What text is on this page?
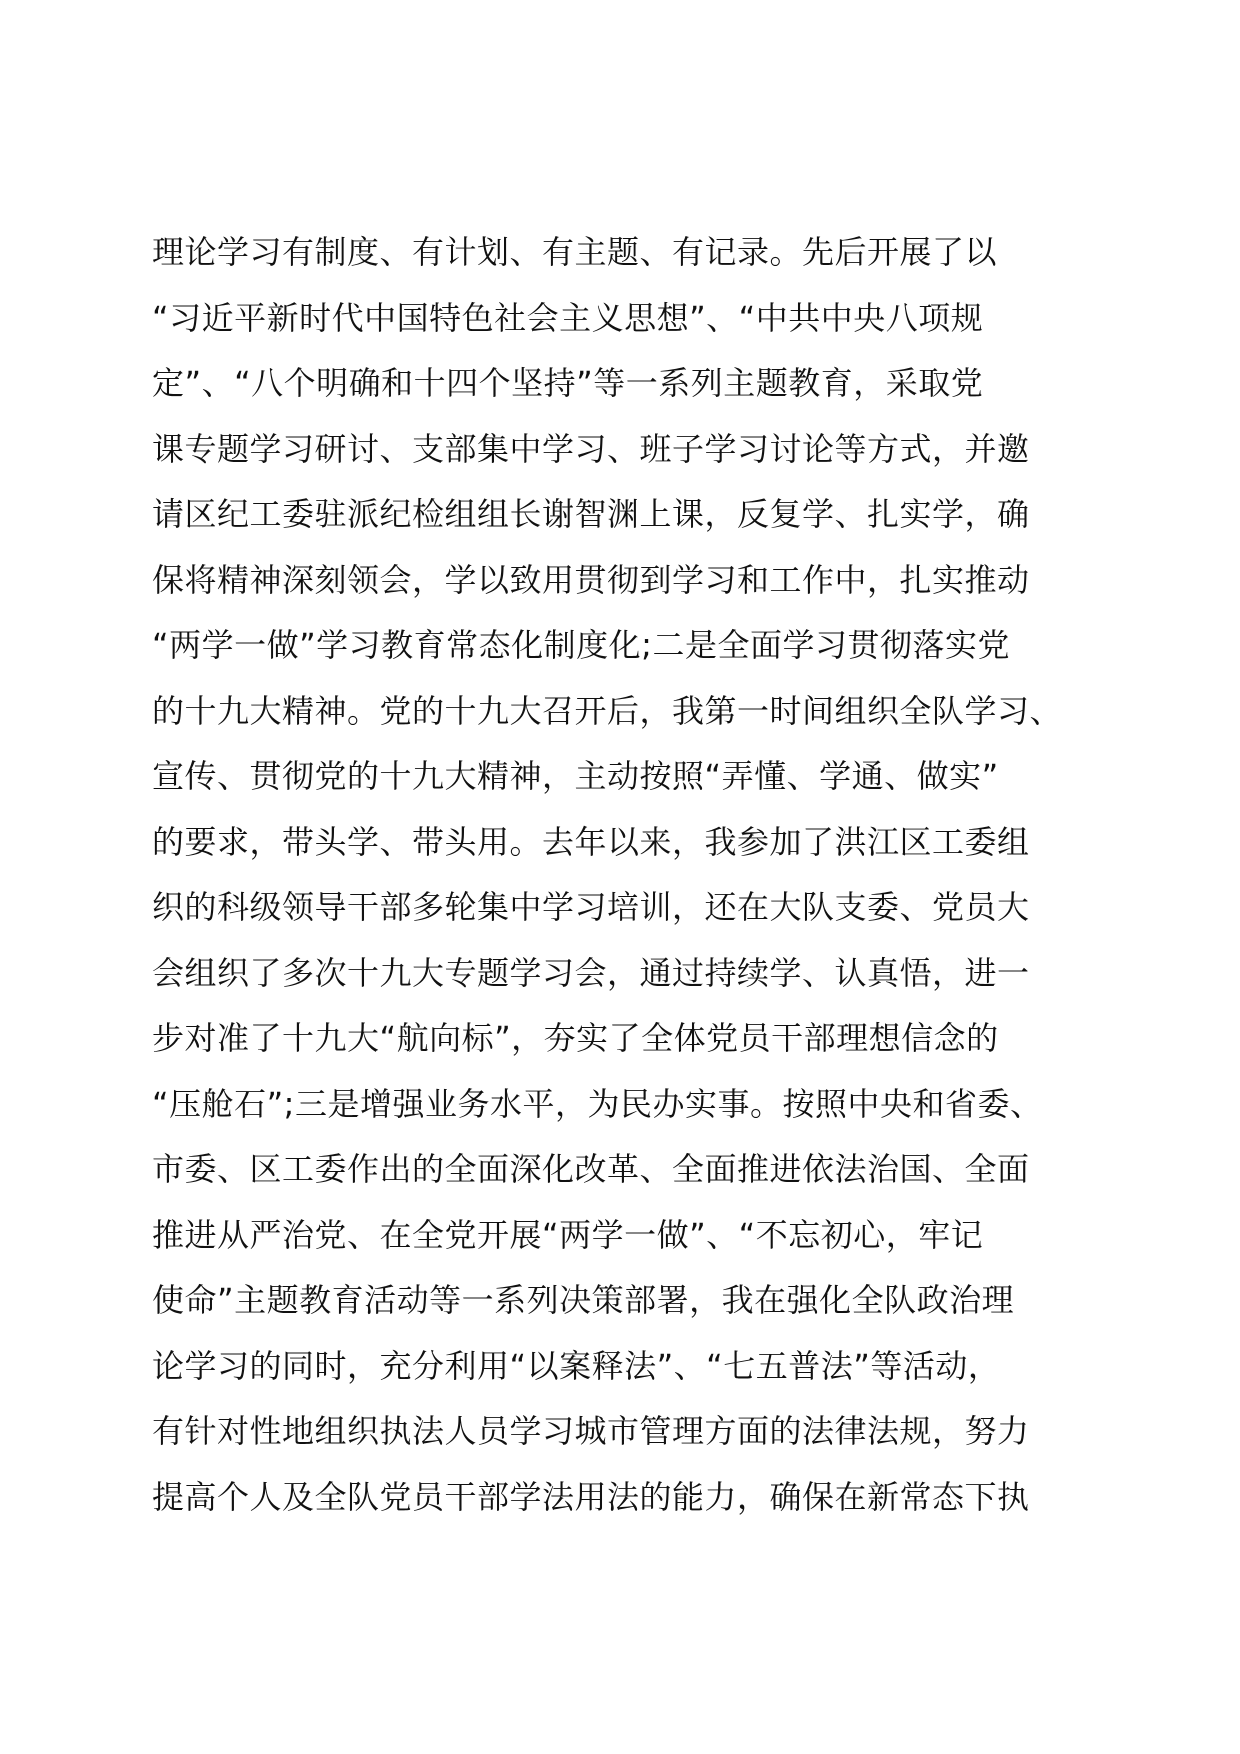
理论学习有制度、有计划、有主题、有记录。先后开展了以
“习近平新时代中国特色社会主义思想”、“中共中央八项规
定”、“八个明确和十四个坚持”等一系列主题教育，采取党
课专题学习研讨、支部集中学习、班子学习讨论等方式，并邀
请区纪工委驻派纪检组组长谢智渊上课，反复学、扎实学，确
保将精神深刻领会，学以致用贯彻到学习和工作中，扎实推动
“两学一做”学习教育常态化制度化;二是全面学习贯彻落实党
的十九大精神。党的十九大召开后，我第一时间组织全队学习、
宣传、贯彻党的十九大精神，主动按照“弄懂、学通、做实”
的要求，带头学、带头用。去年以来，我参加了洪江区工委组
织的科级领导干部多轮集中学习培训，还在大队支委、党员大
会组织了多次十九大专题学习会，通过持续学、认真悟，进一
步对准了十九大“航向标”，夯实了全体党员干部理想信念的
“压舱石”;三是增强业务水平，为民办实事。按照中央和省委、
市委、区工委作出的全面深化改革、全面推进依法治国、全面
推进从严治党、在全党开展“两学一做”、“不忘初心，牢记
使命”主题教育活动等一系列决策部署，我在强化全队政治理
论学习的同时，充分利用“以案释法”、“七五普法”等活动，
有针对性地组织执法人员学习城市管理方面的法律法规，努力
提高个人及全队党员干部学法用法的能力，确保在新常态下执
